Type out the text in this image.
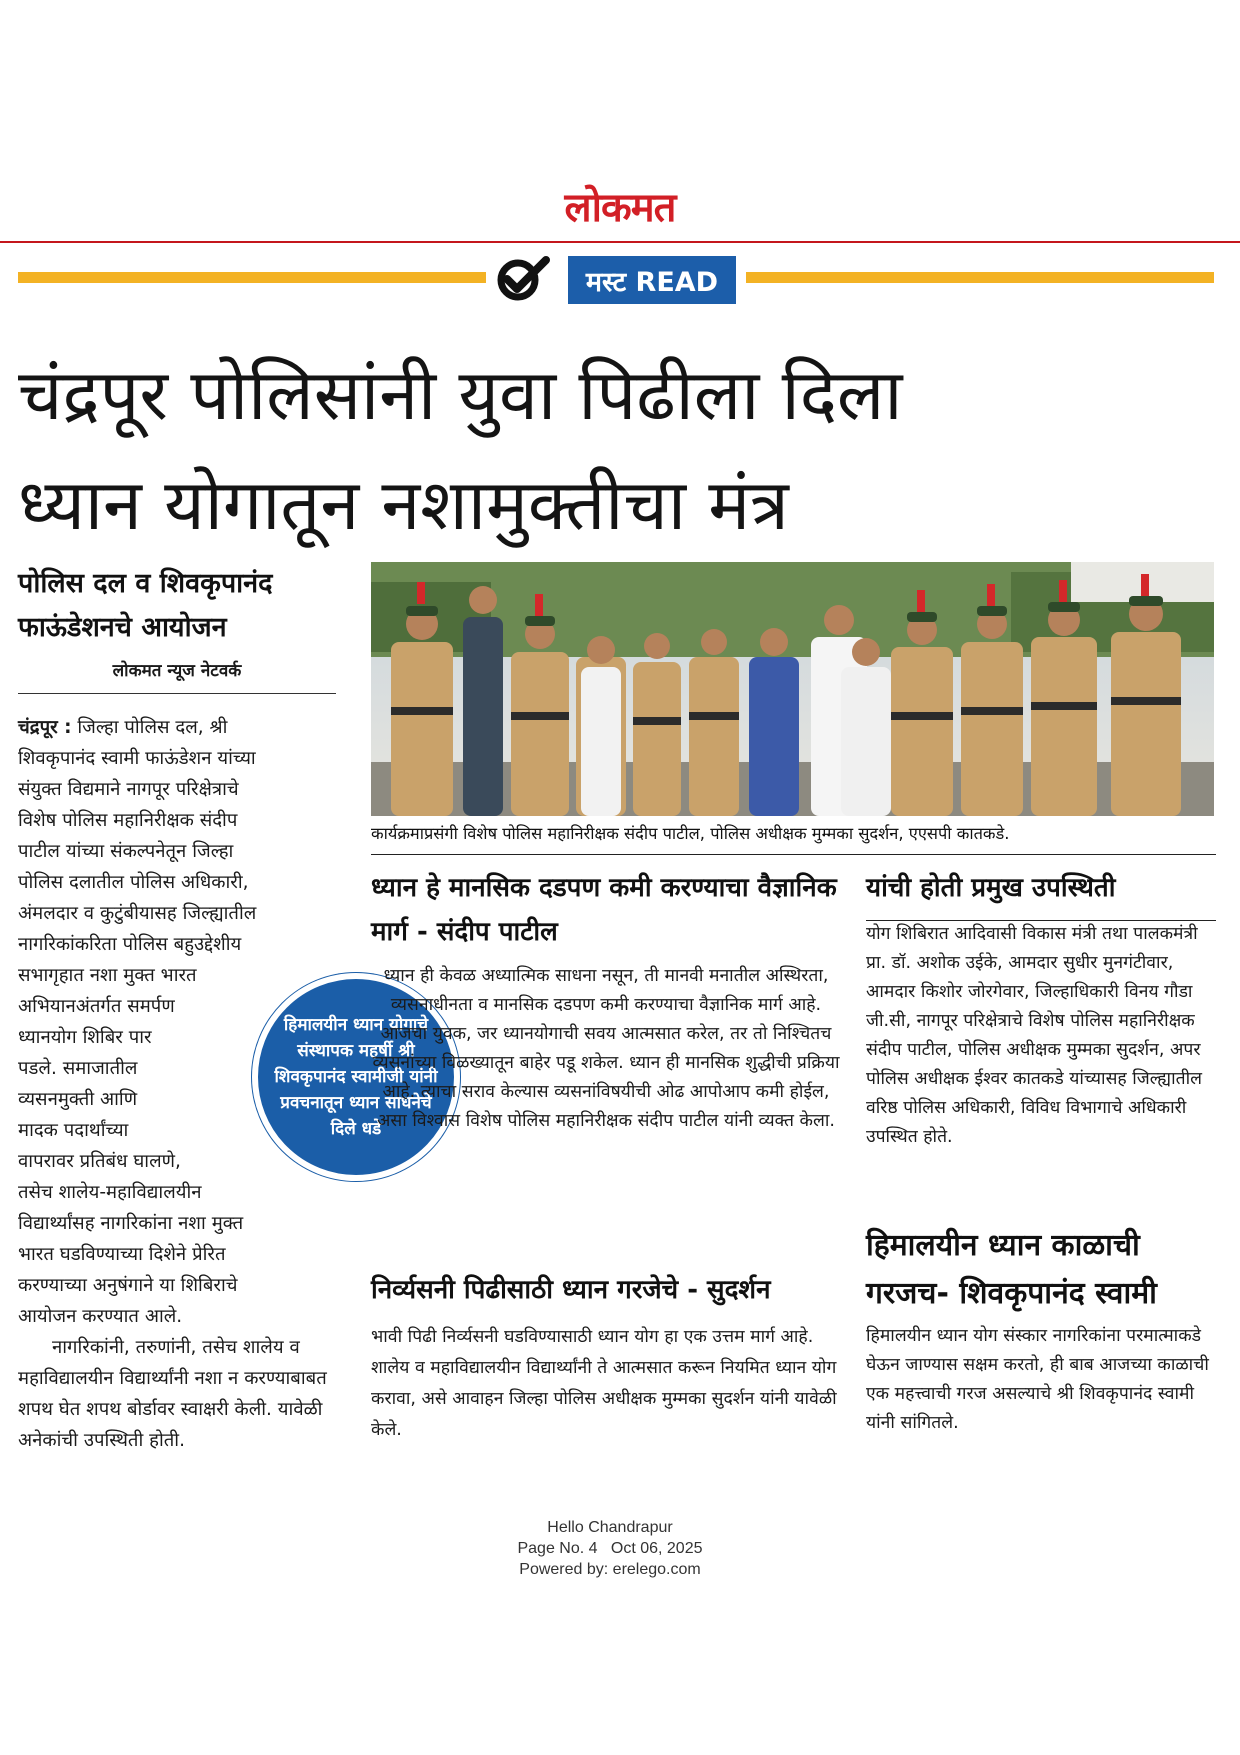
लोकमत
मस्ट READ
चंद्रपूर पोलिसांनी युवा पिढीला दिला
ध्यान योगातून नशामुक्तीचा मंत्र
पोलिस दल व शिवकृपानंद
फाऊंडेशनचे आयोजन
लोकमत न्यूज नेटवर्क

चंद्रपूर : जिल्हा पोलिस दल, श्री
शिवकृपानंद स्वामी फाऊंडेशन यांच्या
संयुक्त विद्यमाने नागपूर परिक्षेत्राचे
विशेष पोलिस महानिरीक्षक संदीप
पाटील यांच्या संकल्पनेतून जिल्हा
पोलिस दलातील पोलिस अधिकारी,
अंमलदार व कुटुंबीयासह जिल्ह्यातील
नागरिकांकरिता पोलिस बहुउद्देशीय
सभागृहात नशा मुक्त भारत
अभियानअंतर्गत समर्पण
ध्यानयोग शिबिर पार
पडले. समाजातील
व्यसनमुक्ती आणि
मादक पदार्थांच्या
वापरावर प्रतिबंध घालणे,
तसेच शालेय-महाविद्यालयीन
विद्यार्थ्यांसह नागरिकांना नशा मुक्त
भारत घडविण्याच्या दिशेने प्रेरित
करण्याच्या अनुषंगाने या शिबिराचे
आयोजन करण्यात आले.

नागरिकांनी, तरुणांनी, तसेच शालेय व महाविद्यालयीन विद्यार्थ्यांनी नशा न करण्याबाबत शपथ घेत शपथ बोर्डावर स्वाक्षरी केली. यावेळी अनेकांची उपस्थिती होती.

हिमालयीन ध्यान योगाचे संस्थापक महर्षी श्री शिवकृपानंद स्वामीजी यांनी प्रवचनातून ध्यान साधनेचे दिले धडे
कार्यक्रमाप्रसंगी विशेष पोलिस महानिरीक्षक संदीप पाटील, पोलिस अधीक्षक मुम्मका सुदर्शन, एएसपी कातकडे.
ध्यान हे मानसिक दडपण कमी करण्याचा वैज्ञानिक मार्ग - संदीप पाटील

ध्यान ही केवळ अध्यात्मिक साधना नसून, ती मानवी मनातील अस्थिरता, व्यसनाधीनता व मानसिक दडपण कमी करण्याचा वैज्ञानिक मार्ग आहे. आजचा युवक, जर ध्यानयोगाची सवय आत्मसात करेल, तर तो निश्चितच व्यसनांच्या विळख्यातून बाहेर पडू शकेल. ध्यान ही मानसिक शुद्धीची प्रक्रिया आहे. त्याचा सराव केल्यास व्यसनांविषयीची ओढ आपोआप कमी होईल, असा विश्वास विशेष पोलिस महानिरीक्षक संदीप पाटील यांनी व्यक्त केला.

निर्व्यसनी पिढीसाठी ध्यान गरजेचे - सुदर्शन

भावी पिढी निर्व्यसनी घडविण्यासाठी ध्यान योग हा एक उत्तम मार्ग आहे. शालेय व महाविद्यालयीन विद्यार्थ्यांनी ते आत्मसात करून नियमित ध्यान योग करावा, असे आवाहन जिल्हा पोलिस अधीक्षक मुम्मका सुदर्शन यांनी यावेळी केले.

यांची होती प्रमुख उपस्थिती

योग शिबिरात आदिवासी विकास मंत्री तथा पालकमंत्री प्रा. डॉ. अशोक उईके, आमदार सुधीर मुनगंटीवार, आमदार किशोर जोरगेवार, जिल्हाधिकारी विनय गौडा जी.सी, नागपूर परिक्षेत्राचे विशेष पोलिस महानिरीक्षक संदीप पाटील, पोलिस अधीक्षक मुम्मका सुदर्शन, अपर पोलिस अधीक्षक ईश्वर कातकडे यांच्यासह जिल्ह्यातील वरिष्ठ पोलिस अधिकारी, विविध विभागाचे अधिकारी उपस्थित होते.

हिमालयीन ध्यान काळाची
गरजच- शिवकृपानंद स्वामी

हिमालयीन ध्यान योग संस्कार नागरिकांना परमात्माकडे घेऊन जाण्यास सक्षम करतो, ही बाब आजच्या काळाची एक महत्त्वाची गरज असल्याचे श्री शिवकृपानंद स्वामी यांनी सांगितले.

Hello Chandrapur
Page No. 4   Oct 06, 2025
Powered by: erelego.com
